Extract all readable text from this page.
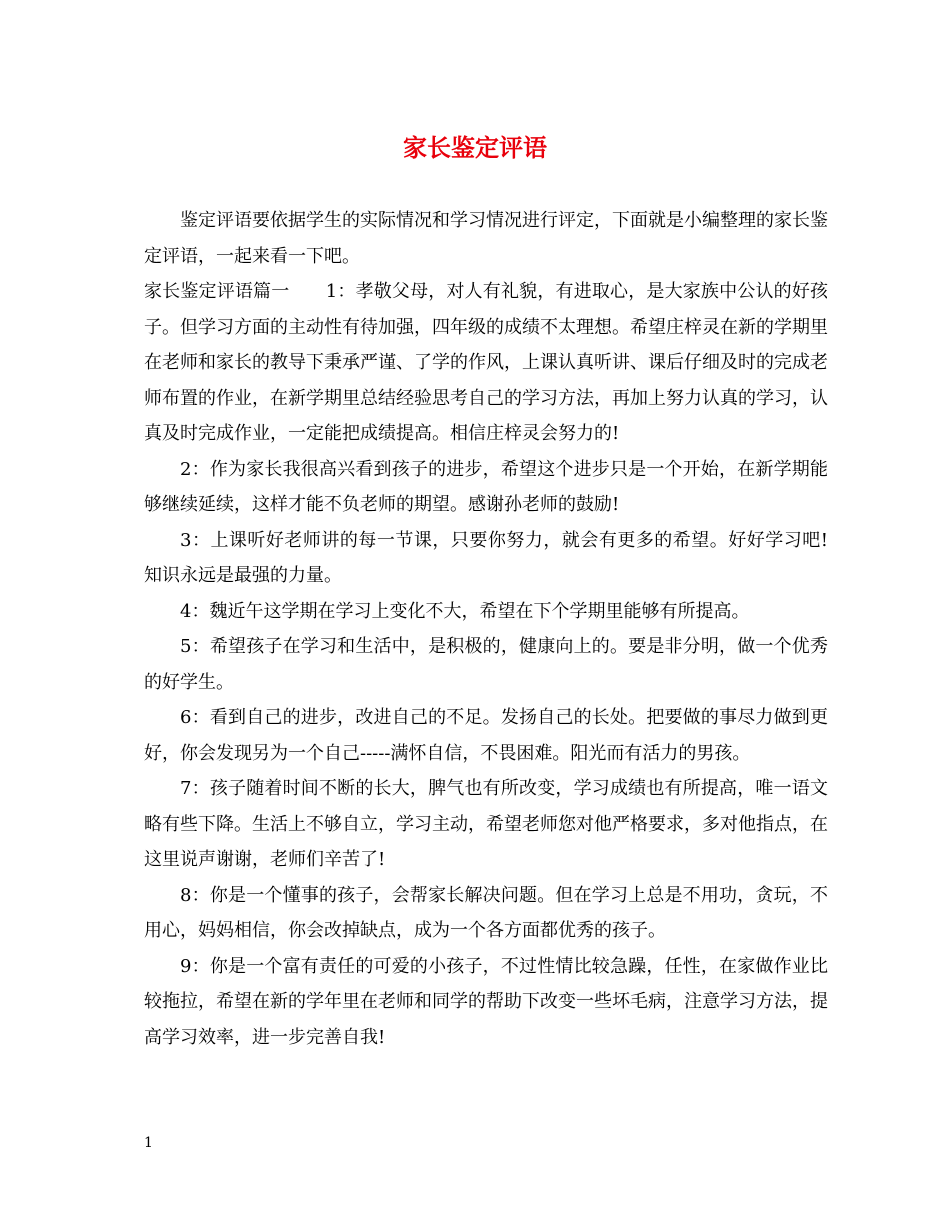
家长鉴定评语

鉴定评语要依据学生的实际情况和学习情况进行评定，下面就是小编整理的家长鉴定评语，一起来看一下吧。

家长鉴定评语篇一　　1：孝敬父母，对人有礼貌，有进取心，是大家族中公认的好孩子。但学习方面的主动性有待加强，四年级的成绩不太理想。希望庄梓灵在新的学期里在老师和家长的教导下秉承严谨、了学的作风，上课认真听讲、课后仔细及时的完成老师布置的作业，在新学期里总结经验思考自己的学习方法，再加上努力认真的学习，认真及时完成作业，一定能把成绩提高。相信庄梓灵会努力的!

2：作为家长我很高兴看到孩子的进步，希望这个进步只是一个开始，在新学期能够继续延续，这样才能不负老师的期望。感谢孙老师的鼓励!

3：上课听好老师讲的每一节课，只要你努力，就会有更多的希望。好好学习吧!知识永远是最强的力量。

4：魏近午这学期在学习上变化不大，希望在下个学期里能够有所提高。

5：希望孩子在学习和生活中，是积极的，健康向上的。要是非分明，做一个优秀的好学生。

6：看到自己的进步，改进自己的不足。发扬自己的长处。把要做的事尽力做到更好，你会发现另为一个自己-----满怀自信，不畏困难。阳光而有活力的男孩。

7：孩子随着时间不断的长大，脾气也有所改变，学习成绩也有所提高，唯一语文略有些下降。生活上不够自立，学习主动，希望老师您对他严格要求，多对他指点，在这里说声谢谢，老师们辛苦了!

8：你是一个懂事的孩子，会帮家长解决问题。但在学习上总是不用功，贪玩，不用心，妈妈相信，你会改掉缺点，成为一个各方面都优秀的孩子。

9：你是一个富有责任的可爱的小孩子，不过性情比较急躁，任性，在家做作业比较拖拉，希望在新的学年里在老师和同学的帮助下改变一些坏毛病，注意学习方法，提高学习效率，进一步完善自我!

1
